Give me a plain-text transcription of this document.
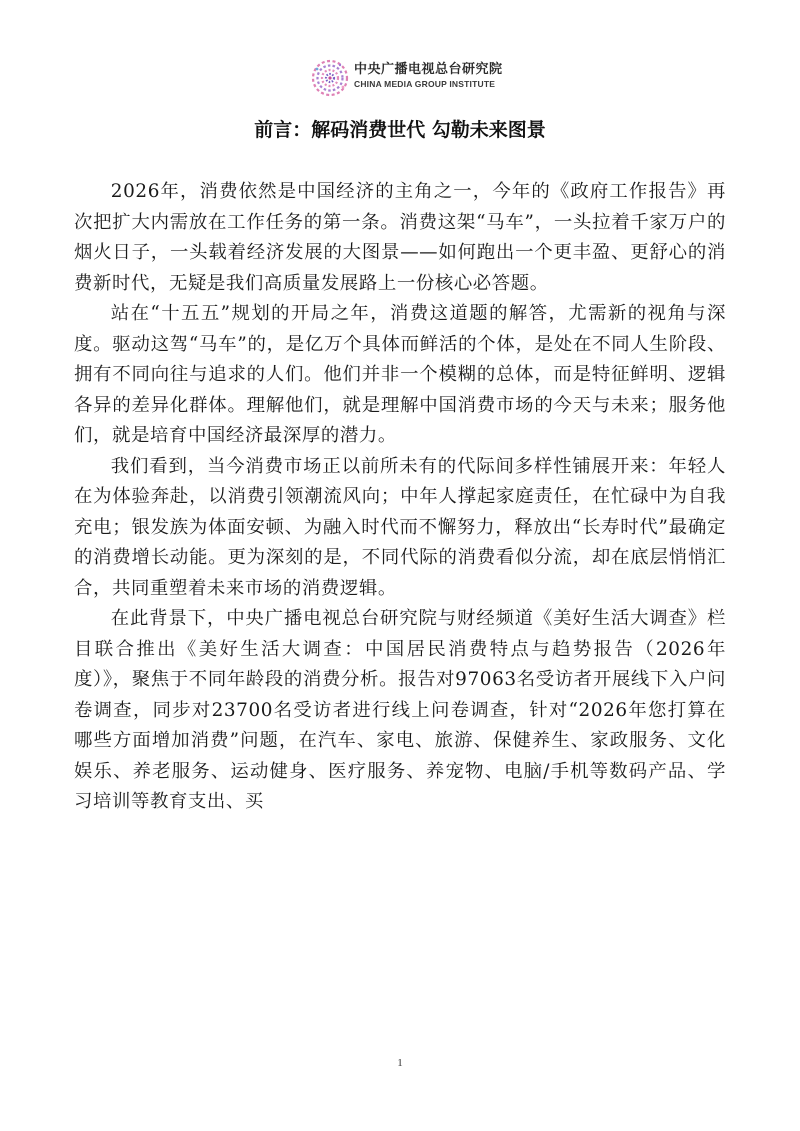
中央广播电视总台研究院
CHINA MEDIA GROUP INSTITUTE
前言：解码消费世代 勾勒未来图景

2026年，消费依然是中国经济的主角之一，今年的《政府工作报告》再次把扩大内需放在工作任务的第一条。消费这架“马车”，一头拉着千家万户的烟火日子，一头载着经济发展的大图景——如何跑出一个更丰盈、更舒心的消费新时代，无疑是我们高质量发展路上一份核心必答题。

站在“十五五”规划的开局之年，消费这道题的解答，尤需新的视角与深度。驱动这驾“马车”的，是亿万个具体而鲜活的个体，是处在不同人生阶段、拥有不同向往与追求的人们。他们并非一个模糊的总体，而是特征鲜明、逻辑各异的差异化群体。理解他们，就是理解中国消费市场的今天与未来；服务他们，就是培育中国经济最深厚的潜力。

我们看到，当今消费市场正以前所未有的代际间多样性铺展开来：年轻人在为体验奔赴，以消费引领潮流风向；中年人撑起家庭责任，在忙碌中为自我充电；银发族为体面安顿、为融入时代而不懈努力，释放出“长寿时代”最确定的消费增长动能。更为深刻的是，不同代际的消费看似分流，却在底层悄悄汇合，共同重塑着未来市场的消费逻辑。

在此背景下，中央广播电视总台研究院与财经频道《美好生活大调查》栏目联合推出《美好生活大调查：中国居民消费特点与趋势报告（2026年度）》，聚焦于不同年龄段的消费分析。报告对97063名受访者开展线下入户问卷调查，同步对23700名受访者进行线上问卷调查，针对“2026年您打算在哪些方面增加消费”问题，在汽车、家电、旅游、保健养生、家政服务、文化娱乐、养老服务、运动健身、医疗服务、养宠物、电脑/手机等数码产品、学习培训等教育支出、买

1
